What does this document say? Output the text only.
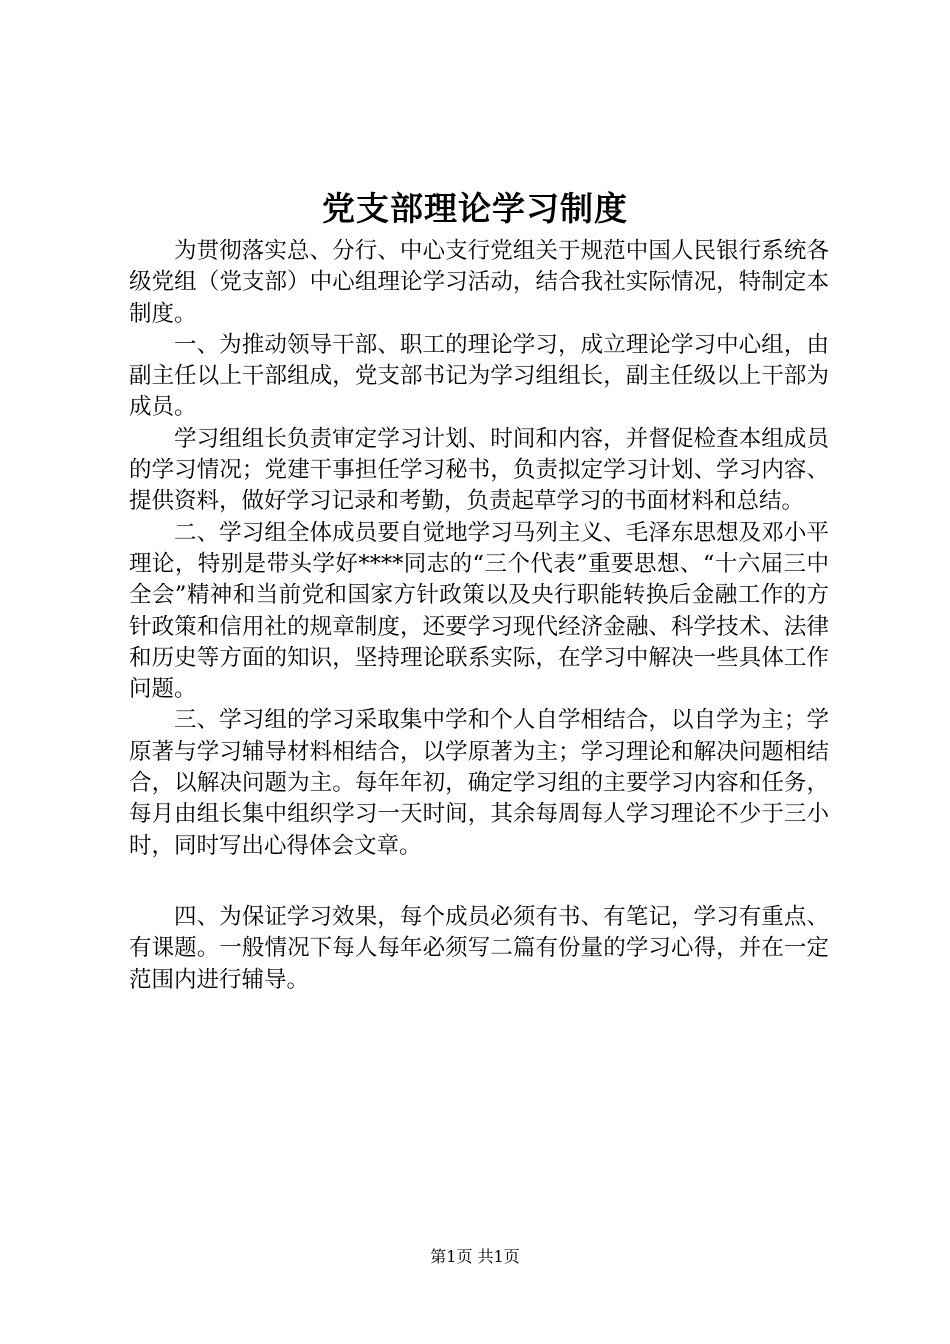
党支部理论学习制度

为贯彻落实总、分行、中心支行党组关于规范中国人民银行系统各级党组（党支部）中心组理论学习活动，结合我社实际情况，特制定本制度。

一、为推动领导干部、职工的理论学习，成立理论学习中心组，由副主任以上干部组成，党支部书记为学习组组长，副主任级以上干部为成员。

学习组组长负责审定学习计划、时间和内容，并督促检查本组成员的学习情况；党建干事担任学习秘书，负责拟定学习计划、学习内容、提供资料，做好学习记录和考勤，负责起草学习的书面材料和总结。

二、学习组全体成员要自觉地学习马列主义、毛泽东思想及邓小平理论，特别是带头学好****同志的“三个代表”重要思想、“十六届三中全会”精神和当前党和国家方针政策以及央行职能转换后金融工作的方针政策和信用社的规章制度，还要学习现代经济金融、科学技术、法律和历史等方面的知识，坚持理论联系实际，在学习中解决一些具体工作问题。

三、学习组的学习采取集中学和个人自学相结合，以自学为主；学原著与学习辅导材料相结合，以学原著为主；学习理论和解决问题相结合，以解决问题为主。每年年初，确定学习组的主要学习内容和任务，每月由组长集中组织学习一天时间，其余每周每人学习理论不少于三小时，同时写出心得体会文章。

四、为保证学习效果，每个成员必须有书、有笔记，学习有重点、有课题。一般情况下每人每年必须写二篇有份量的学习心得，并在一定范围内进行辅导。

第1页 共1页
